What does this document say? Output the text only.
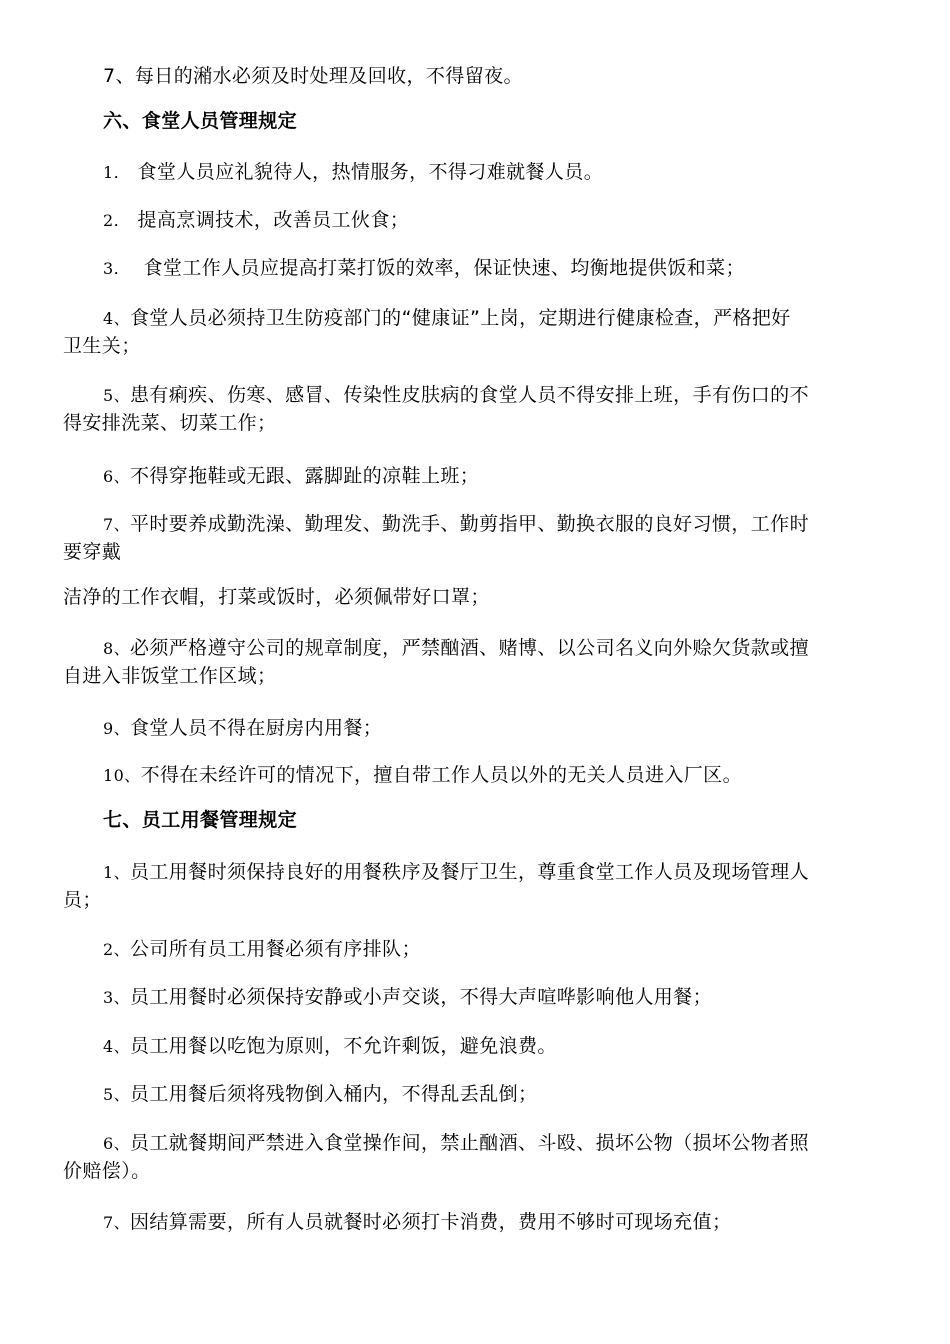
7、每日的潲水必须及时处理及回收，不得留夜。
六、食堂人员管理规定
1. 食堂人员应礼貌待人，热情服务，不得刁难就餐人员。
2. 提高烹调技术，改善员工伙食；
3. 食堂工作人员应提高打菜打饭的效率，保证快速、均衡地提供饭和菜；
4、食堂人员必须持卫生防疫部门的“健康证”上岗，定期进行健康检查，严格把好
卫生关；
5、患有痢疾、伤寒、感冒、传染性皮肤病的食堂人员不得安排上班，手有伤口的不
得安排洗菜、切菜工作；
6、不得穿拖鞋或无跟、露脚趾的凉鞋上班；
7、平时要养成勤洗澡、勤理发、勤洗手、勤剪指甲、勤换衣服的良好习惯，工作时
要穿戴
洁净的工作衣帽，打菜或饭时，必须佩带好口罩；
8、必须严格遵守公司的规章制度，严禁酗酒、赌博、以公司名义向外赊欠货款或擅
自进入非饭堂工作区域；
9、食堂人员不得在厨房内用餐；
10、不得在未经许可的情况下，擅自带工作人员以外的无关人员进入厂区。
七、员工用餐管理规定
1、员工用餐时须保持良好的用餐秩序及餐厅卫生，尊重食堂工作人员及现场管理人
员；
2、公司所有员工用餐必须有序排队；
3、员工用餐时必须保持安静或小声交谈，不得大声喧哗影响他人用餐；
4、员工用餐以吃饱为原则，不允许剩饭，避免浪费。
5、员工用餐后须将残物倒入桶内，不得乱丢乱倒；
6、员工就餐期间严禁进入食堂操作间，禁止酗酒、斗殴、损坏公物（损坏公物者照
价赔偿）。
7、因结算需要，所有人员就餐时必须打卡消费，费用不够时可现场充值；
